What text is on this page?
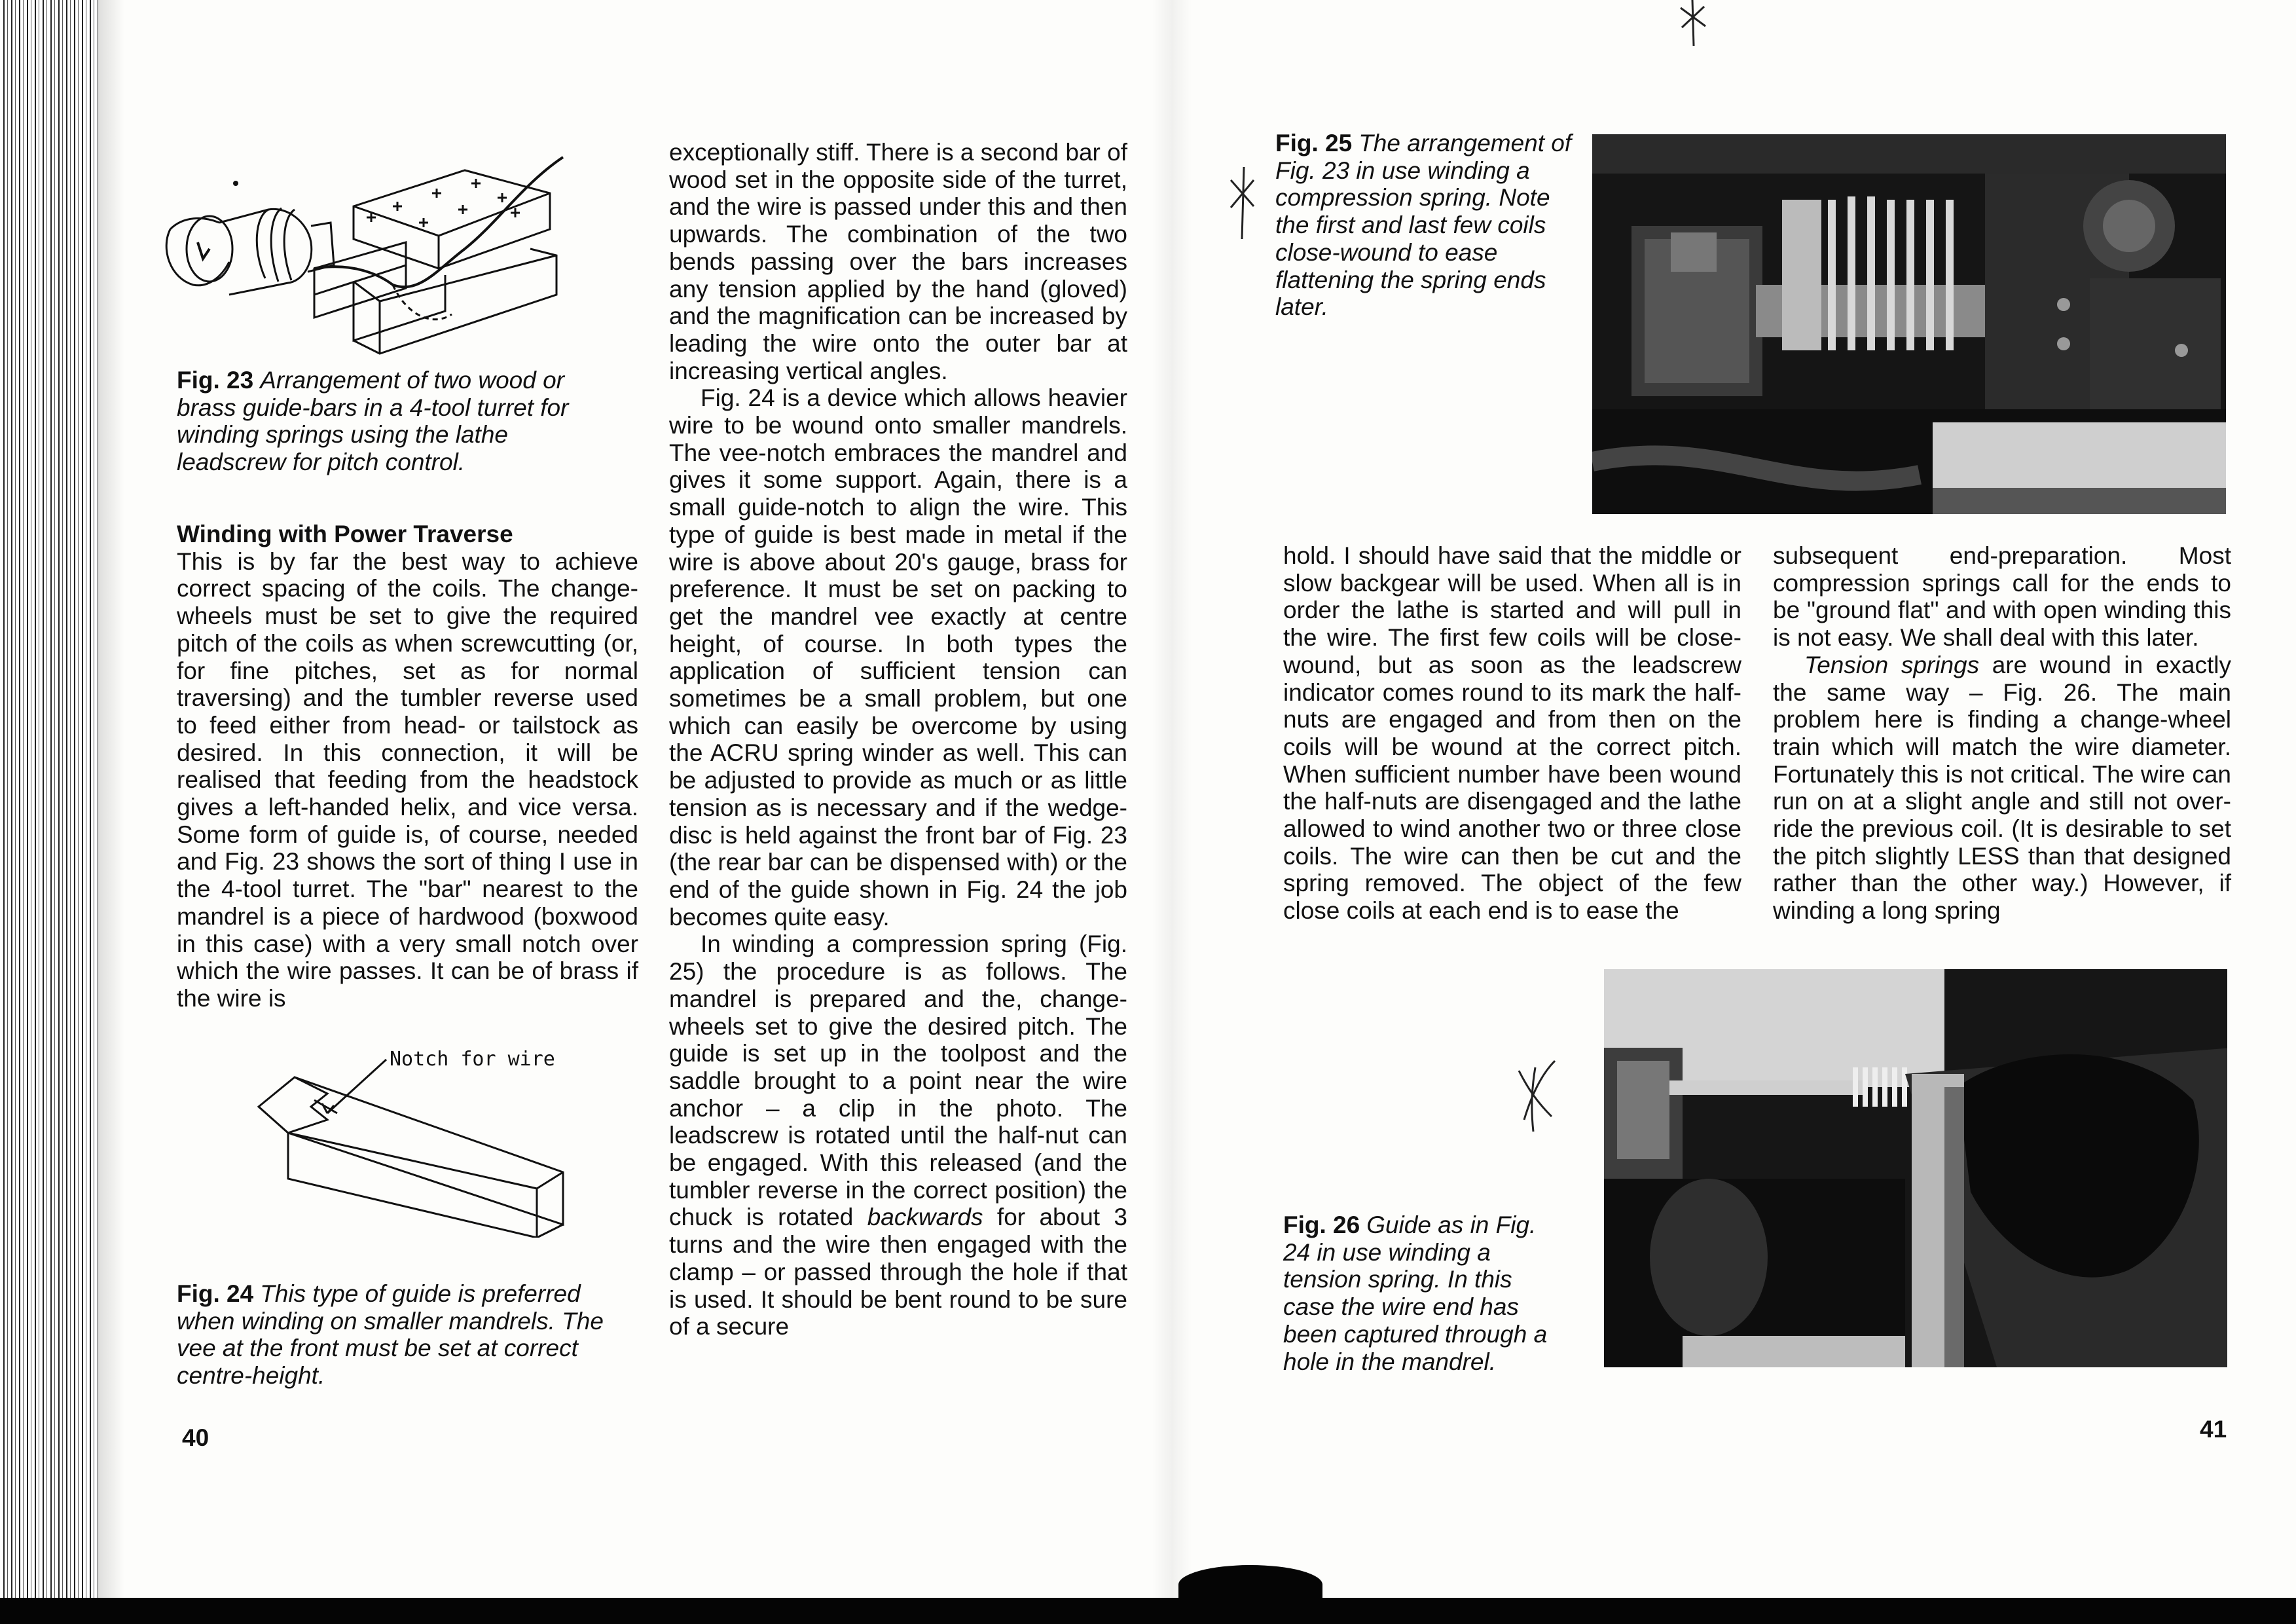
Fig. 23 Arrangement of two wood or brass guide-bars in a 4-tool turret for winding springs using the lathe leadscrew for pitch control.
Winding with Power Traverse

This is by far the best way to achieve correct spacing of the coils. The change-wheels must be set to give the required pitch of the coils as when screwcutting (or, for fine pitches, set as for normal traversing) and the tumbler reverse used to feed either from head- or tailstock as desired. In this connection, it will be realised that feeding from the headstock gives a left-handed helix, and vice versa. Some form of guide is, of course, needed and Fig. 23 shows the sort of thing I use in the 4-tool turret. The "bar" nearest to the mandrel is a piece of hardwood (boxwood in this case) with a very small notch over which the wire passes. It can be of brass if the wire is

Notch for wire
Fig. 24 This type of guide is preferred when winding on smaller mandrels. The vee at the front must be set at correct centre-height.
40

exceptionally stiff. There is a second bar of wood set in the opposite side of the turret, and the wire is passed under this and then upwards. The combination of the two bends passing over the bars increases any tension applied by the hand (gloved) and the magnification can be increased by leading the wire onto the outer bar at increasing vertical angles.

Fig. 24 is a device which allows heavier wire to be wound onto smaller mandrels. The vee-notch embraces the mandrel and gives it some support. Again, there is a small guide-notch to align the wire. This type of guide is best made in metal if the wire is above about 20's gauge, brass for preference. It must be set on packing to get the mandrel vee exactly at centre height, of course. In both types the application of sufficient tension can sometimes be a small problem, but one which can easily be overcome by using the ACRU spring winder as well. This can be adjusted to provide as much or as little tension as is necessary and if the wedge-disc is held against the front bar of Fig. 23 (the rear bar can be dispensed with) or the end of the guide shown in Fig. 24 the job becomes quite easy.

In winding a compression spring (Fig. 25) the procedure is as follows. The mandrel is prepared and the, change-wheels set to give the desired pitch. The guide is set up in the toolpost and the saddle brought to a point near the wire anchor – a clip in the photo. The leadscrew is rotated until the half-nut can be engaged. With this released (and the tumbler reverse in the correct position) the chuck is rotated backwards for about 3 turns and the wire then engaged with the clamp – or passed through the hole if that is used. It should be bent round to be sure of a secure

Fig. 25 The arrangement of Fig. 23 in use winding a compression spring. Note the first and last few coils close-wound to ease flattening the spring ends later.

hold. I should have said that the middle or slow backgear will be used. When all is in order the lathe is started and will pull in the wire. The first few coils will be close-wound, but as soon as the leadscrew indicator comes round to its mark the half-nuts are engaged and from then on the coils will be wound at the correct pitch. When sufficient number have been wound the half-nuts are disengaged and the lathe allowed to wind another two or three close coils. The wire can then be cut and the spring removed. The object of the few close coils at each end is to ease the

subsequent end-preparation. Most compression springs call for the ends to be "ground flat" and with open winding this is not easy. We shall deal with this later.

Tension springs are wound in exactly the same way – Fig. 26. The main problem here is finding a change-wheel train which will match the wire diameter. Fortunately this is not critical. The wire can run on at a slight angle and still not over-ride the previous coil. (It is desirable to set the pitch slightly LESS than that designed rather than the other way.) However, if winding a long spring

Fig. 26 Guide as in Fig. 24 in use winding a tension spring. In this case the wire end has been captured through a hole in the mandrel.
41
